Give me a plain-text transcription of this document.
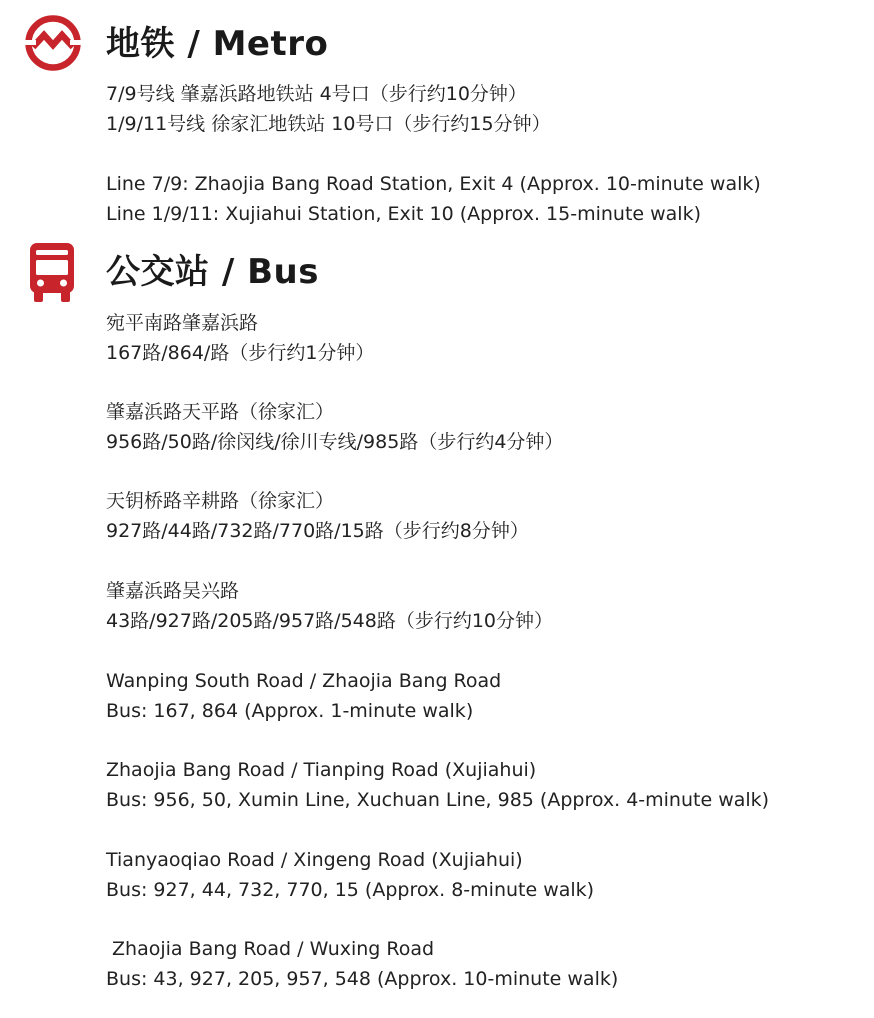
地铁 / Metro
7/9号线 肇嘉浜路地铁站 4号口（步行约10分钟）
1/9/11号线 徐家汇地铁站 10号口（步行约15分钟）
Line 7/9: Zhaojia Bang Road Station, Exit 4 (Approx. 10-minute walk)
Line 1/9/11: Xujiahui Station, Exit 10 (Approx. 15-minute walk)
公交站 / Bus
宛平南路肇嘉浜路
167路/864/路（步行约1分钟）
肇嘉浜路天平路（徐家汇）
956路/50路/徐闵线/徐川专线/985路（步行约4分钟）
天钥桥路辛耕路（徐家汇）
927路/44路/732路/770路/15路（步行约8分钟）
肇嘉浜路吴兴路
43路/927路/205路/957路/548路（步行约10分钟）
Wanping South Road / Zhaojia Bang Road
Bus: 167, 864 (Approx. 1-minute walk)
Zhaojia Bang Road / Tianping Road (Xujiahui)
Bus: 956, 50, Xumin Line, Xuchuan Line, 985 (Approx. 4-minute walk)
Tianyaoqiao Road / Xingeng Road (Xujiahui)
Bus: 927, 44, 732, 770, 15 (Approx. 8-minute walk)
Zhaojia Bang Road / Wuxing Road
Bus: 43, 927, 205, 957, 548 (Approx. 10-minute walk)
